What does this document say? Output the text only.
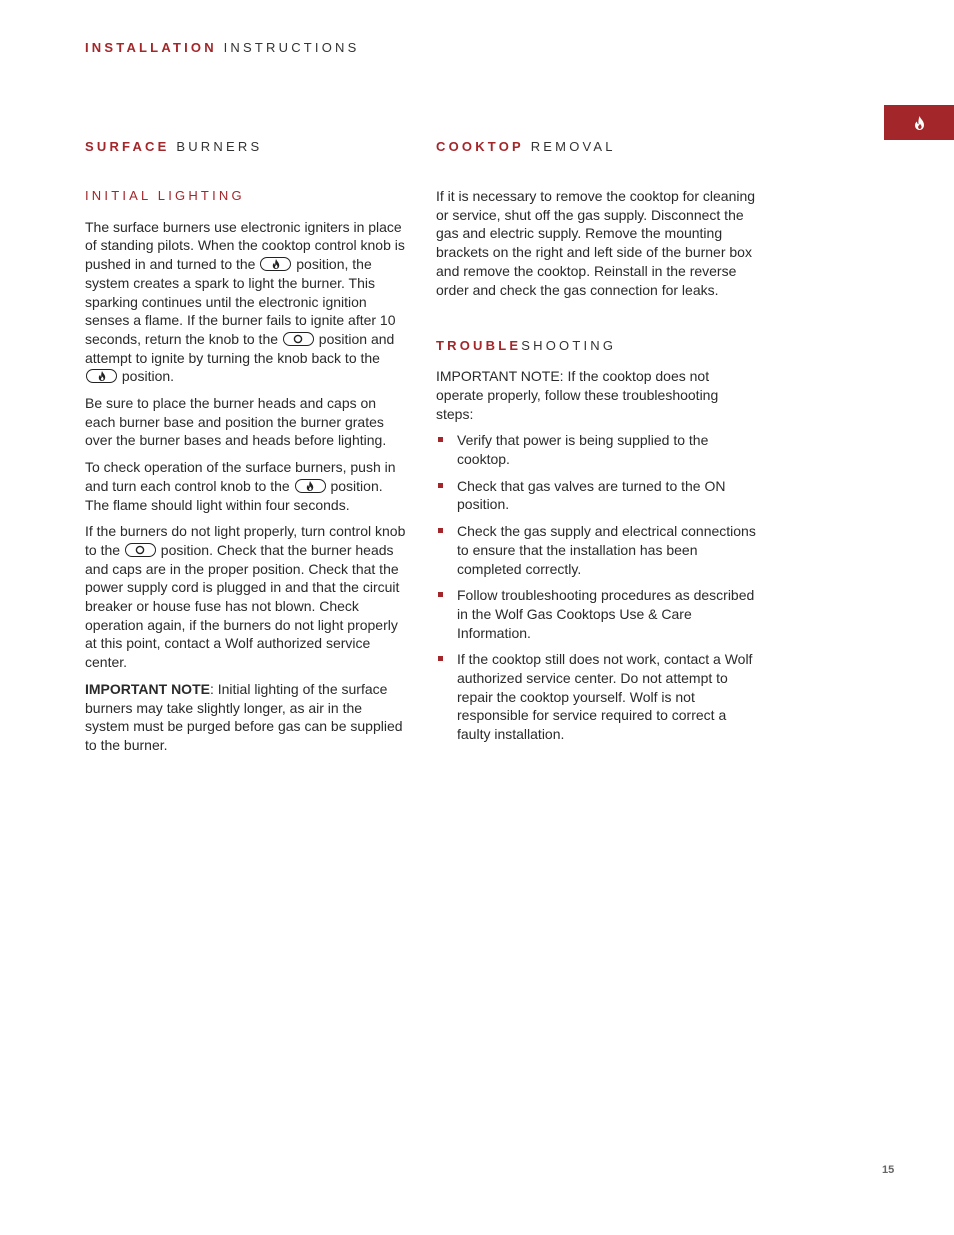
INSTALLATION INSTRUCTIONS
SURFACE BURNERS
INITIAL LIGHTING

The surface burners use electronic igniters in place of standing pilots. When the cooktop control knob is pushed in and turned to the
position, the system creates a spark to light the burner. This sparking continues until the electronic ignition senses a flame. If the burner fails to ignite after 10 seconds, return the knob to the
position and attempt to ignite by turning the knob back to the
position.

Be sure to place the burner heads and caps on each burner base and position the burner grates over the burner bases and heads before lighting.

To check operation of the surface burners, push in and turn each control knob to the
position. The flame should light within four seconds.

If the burners do not light properly, turn control knob to the
position. Check that the burner heads and caps are in the proper position. Check that the power supply cord is plugged in and that the circuit breaker or house fuse has not blown. Check operation again, if the burners do not light properly at this point, contact a Wolf authorized service center.

IMPORTANT NOTE: Initial lighting of the surface burners may take slightly longer, as air in the system must be purged before gas can be supplied to the burner.

COOKTOP REMOVAL

If it is necessary to remove the cooktop for cleaning or service, shut off the gas supply. Disconnect the gas and electric supply. Remove the mounting brackets on the right and left side of the burner box and remove the cooktop. Reinstall in the reverse order and check the gas connection for leaks.

TROUBLESHOOTING

IMPORTANT NOTE: If the cooktop does not operate properly, follow these troubleshooting steps:

Verify that power is being supplied to the cooktop.
Check that gas valves are turned to the ON position.
Check the gas supply and electrical connections to ensure that the installation has been completed correctly.
Follow troubleshooting procedures as described in the Wolf Gas Cooktops Use & Care Information.
If the cooktop still does not work, contact a Wolf authorized service center. Do not attempt to repair the cooktop yourself. Wolf is not responsible for service required to correct a faulty installation.
15
